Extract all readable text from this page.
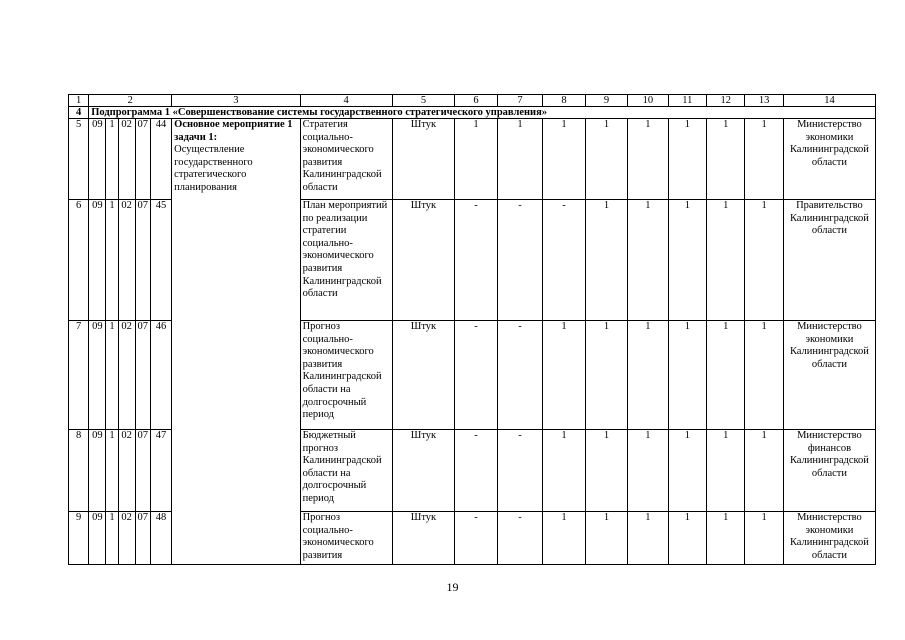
1	2					3	4	5	6	7	8	9	10	11	12	13	14
4	Подпрограмма 1 «Совершенствование системы государственного стратегического управления»																
5	09	1	02	07	44	Основное мероприятие 1 задачи 1:
Осуществление государственного стратегического планирования	Стратегия социально-экономического развития Калининградской области	Штук	1	1	1	1	1	1	1	1	Министерство экономики Калининградской области
6	09	1	02	07	45		План мероприятий по реализации стратегии социально-экономического развития Калининградской области	Штук	-	-	-	1	1	1	1	1	Правительство Калининградской области
7	09	1	02	07	46		Прогноз социально-экономического развития Калининградской области на долгосрочный период	Штук	-	-	1	1	1	1	1	1	Министерство экономики Калининградской области
8	09	1	02	07	47		Бюджетный прогноз Калининградской области на долгосрочный период	Штук	-	-	1	1	1	1	1	1	Министерство финансов Калининградской области
9	09	1	02	07	48		Прогноз социально-экономического развития	Штук	-	-	1	1	1	1	1	1	Министерство экономики Калининградской области
19
